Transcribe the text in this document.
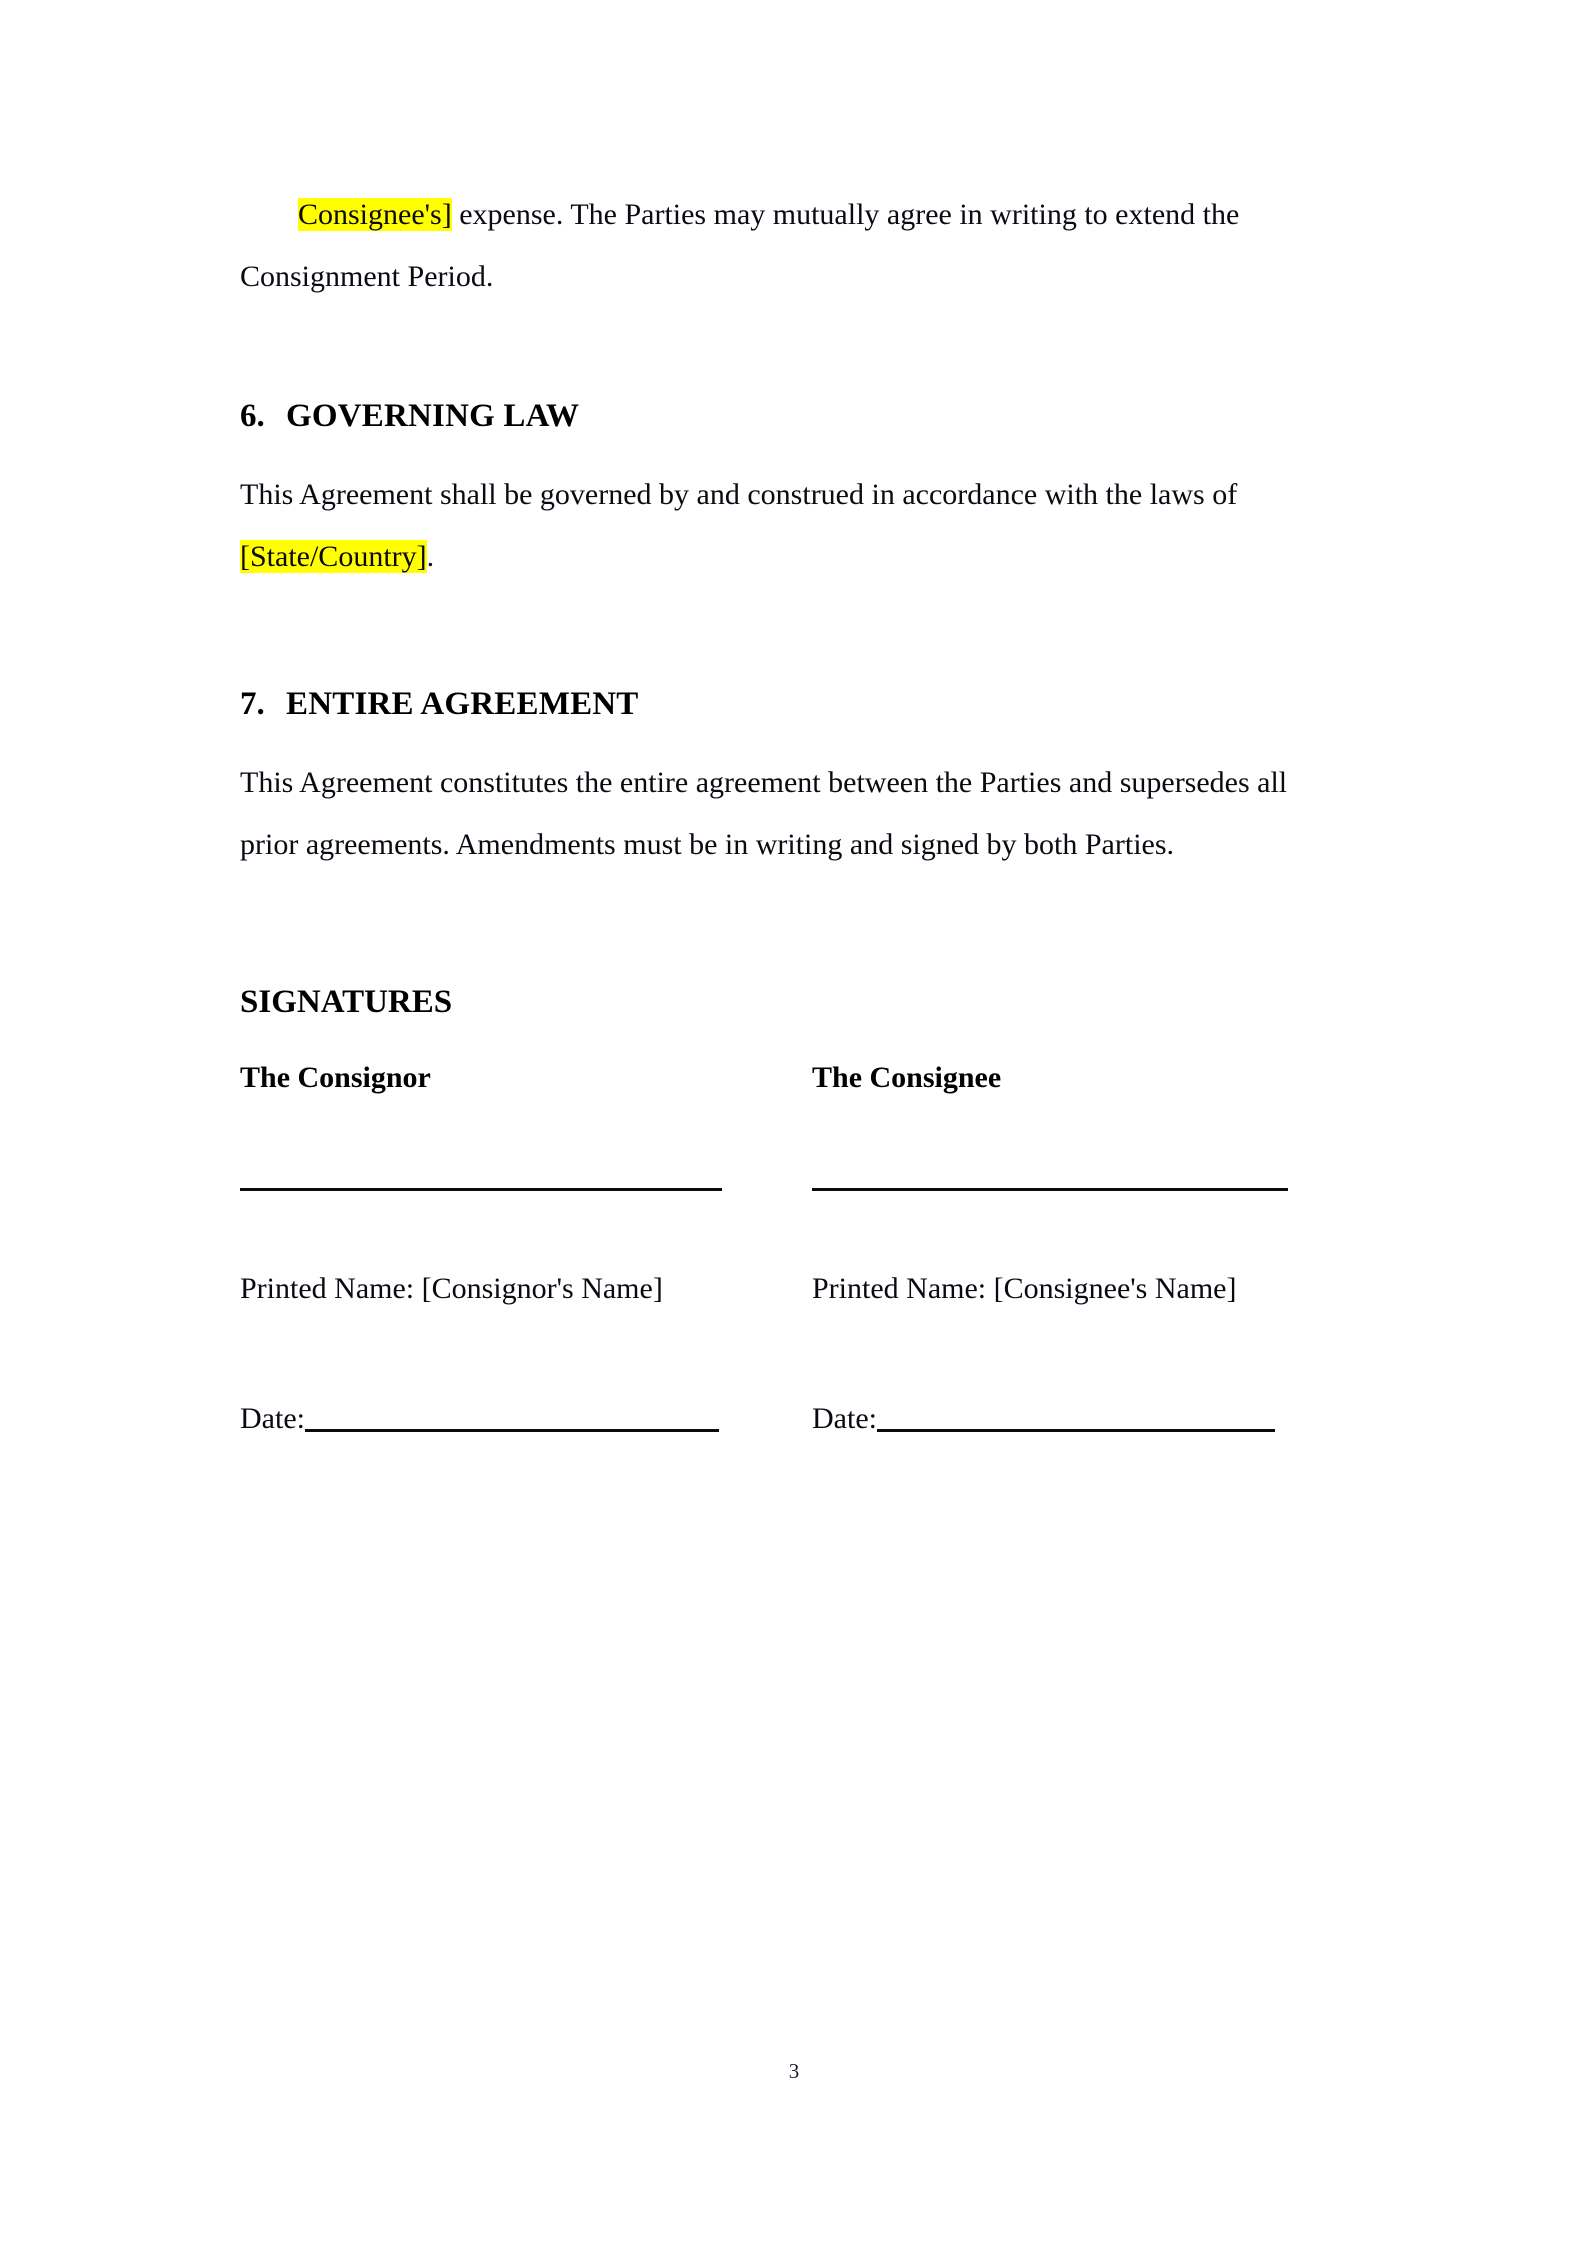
Consignee's] expense. The Parties may mutually agree in writing to extend the Consignment Period.

6. GOVERNING LAW

This Agreement shall be governed by and construed in accordance with the laws of [State/Country].

7. ENTIRE AGREEMENT

This Agreement constitutes the entire agreement between the Parties and supersedes all prior agreements. Amendments must be in writing and signed by both Parties.

SIGNATURES
The Consignor	The Consignee
Printed Name: [Consignor's Name]	Printed Name: [Consignee's Name]
Date:	Date:
3
